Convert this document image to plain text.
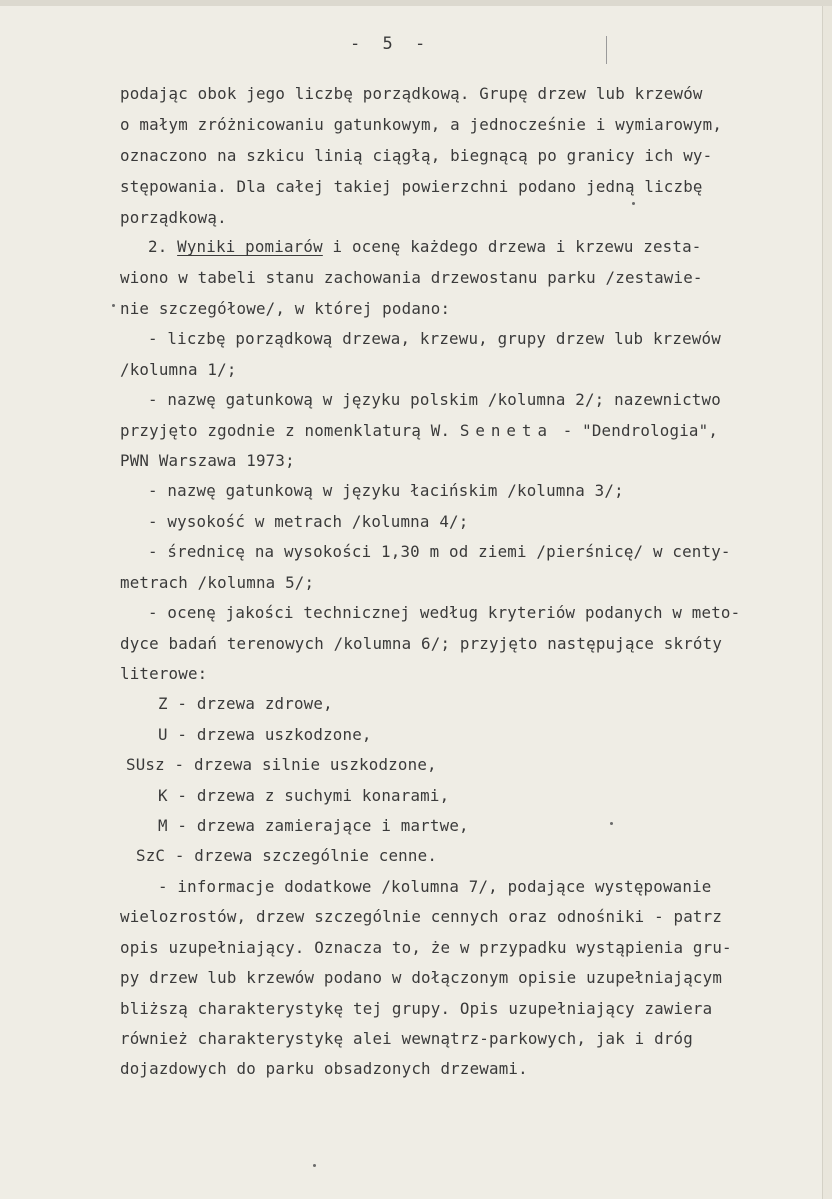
- 5 -
podając obok jego liczbę porządkową. Grupę drzew lub krzewów
o małym zróżnicowaniu gatunkowym, a jednocześnie i wymiarowym,
oznaczono na szkicu linią ciągłą, biegnącą po granicy ich wy-
stępowania. Dla całej takiej powierzchni podano jedną liczbę
porządkową.
2. Wyniki pomiarów i ocenę każdego drzewa i krzewu zesta-
wiono w tabeli stanu zachowania drzewostanu parku /zestawie-
nie szczegółowe/, w której podano:
- liczbę porządkową drzewa, krzewu, grupy drzew lub krzewów
/kolumna 1/;
- nazwę gatunkową w języku polskim /kolumna 2/; nazewnictwo
przyjęto zgodnie z nomenklaturą W. Seneta - "Dendrologia",
PWN Warszawa 1973;
- nazwę gatunkową w języku łacińskim /kolumna 3/;
- wysokość w metrach /kolumna 4/;
- średnicę na wysokości 1,30 m od ziemi /pierśnicę/ w centy-
metrach /kolumna 5/;
- ocenę jakości technicznej według kryteriów podanych w meto-
dyce badań terenowych /kolumna 6/; przyjęto następujące skróty
literowe:
Z - drzewa zdrowe,
U - drzewa uszkodzone,
SUsz - drzewa silnie uszkodzone,
K - drzewa z suchymi konarami,
M - drzewa zamierające i martwe,
SzC - drzewa szczególnie cenne.
- informacje dodatkowe /kolumna 7/, podające występowanie
wielozrostów, drzew szczególnie cennych oraz odnośniki - patrz
opis uzupełniający. Oznacza to, że w przypadku wystąpienia gru-
py drzew lub krzewów podano w dołączonym opisie uzupełniającym
bliższą charakterystykę tej grupy. Opis uzupełniający zawiera
również charakterystykę alei wewnątrz-parkowych, jak i dróg
dojazdowych do parku obsadzonych drzewami.
